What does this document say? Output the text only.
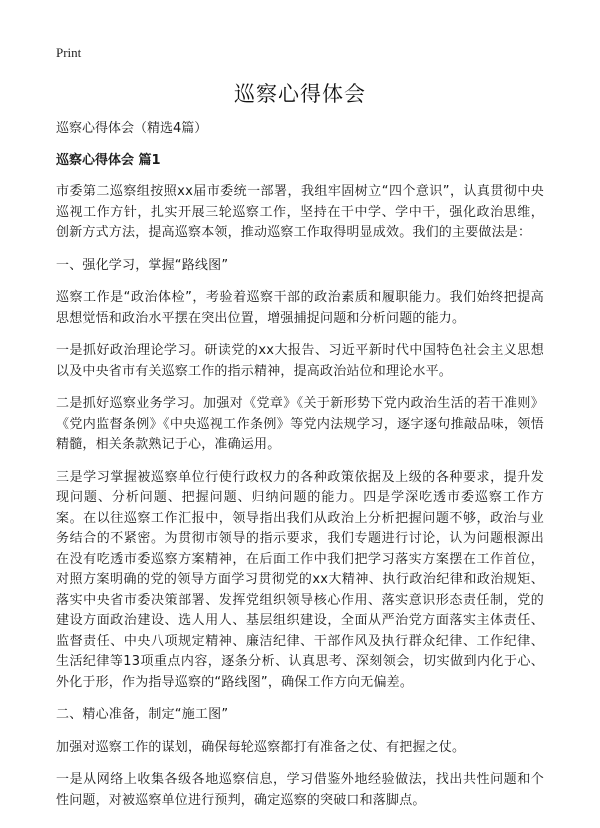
Print
巡察心得体会
巡察心得体会（精选4篇）
巡察心得体会 篇1

市委第二巡察组按照xx届市委统一部署，我组牢固树立“四个意识”，认真贯彻中央巡视工作方针，扎实开展三轮巡察工作，坚持在干中学、学中干，强化政治思维，创新方式方法，提高巡察本领，推动巡察工作取得明显成效。我们的主要做法是：

一、强化学习，掌握“路线图”

巡察工作是“政治体检”，考验着巡察干部的政治素质和履职能力。我们始终把提高思想觉悟和政治水平摆在突出位置，增强捕捉问题和分析问题的能力。

一是抓好政治理论学习。研读党的xx大报告、习近平新时代中国特色社会主义思想以及中央省市有关巡察工作的指示精神，提高政治站位和理论水平。

二是抓好巡察业务学习。加强对《党章》《关于新形势下党内政治生活的若干准则》《党内监督条例》《中央巡视工作条例》等党内法规学习，逐字逐句推敲品味，领悟精髓，相关条款熟记于心，准确运用。

三是学习掌握被巡察单位行使行政权力的各种政策依据及上级的各种要求，提升发现问题、分析问题、把握问题、归纳问题的能力。四是学深吃透市委巡察工作方案。在以往巡察工作汇报中，领导指出我们从政治上分析把握问题不够，政治与业务结合的不紧密。为贯彻市领导的指示要求，我们专题进行讨论，认为问题根源出在没有吃透市委巡察方案精神，在后面工作中我们把学习落实方案摆在工作首位，对照方案明确的党的领导方面学习贯彻党的xx大精神、执行政治纪律和政治规矩、落实中央省市委决策部署、发挥党组织领导核心作用、落实意识形态责任制，党的建设方面政治建设、选人用人、基层组织建设，全面从严治党方面落实主体责任、监督责任、中央八项规定精神、廉洁纪律、干部作风及执行群众纪律、工作纪律、生活纪律等13项重点内容，逐条分析、认真思考、深刻领会，切实做到内化于心、外化于形，作为指导巡察的“路线图”，确保工作方向无偏差。

二、精心准备，制定“施工图”

加强对巡察工作的谋划，确保每轮巡察都打有准备之仗、有把握之仗。

一是从网络上收集各级各地巡察信息，学习借鉴外地经验做法，找出共性问题和个性问题，对被巡察单位进行预判，确定巡察的突破口和落脚点。
